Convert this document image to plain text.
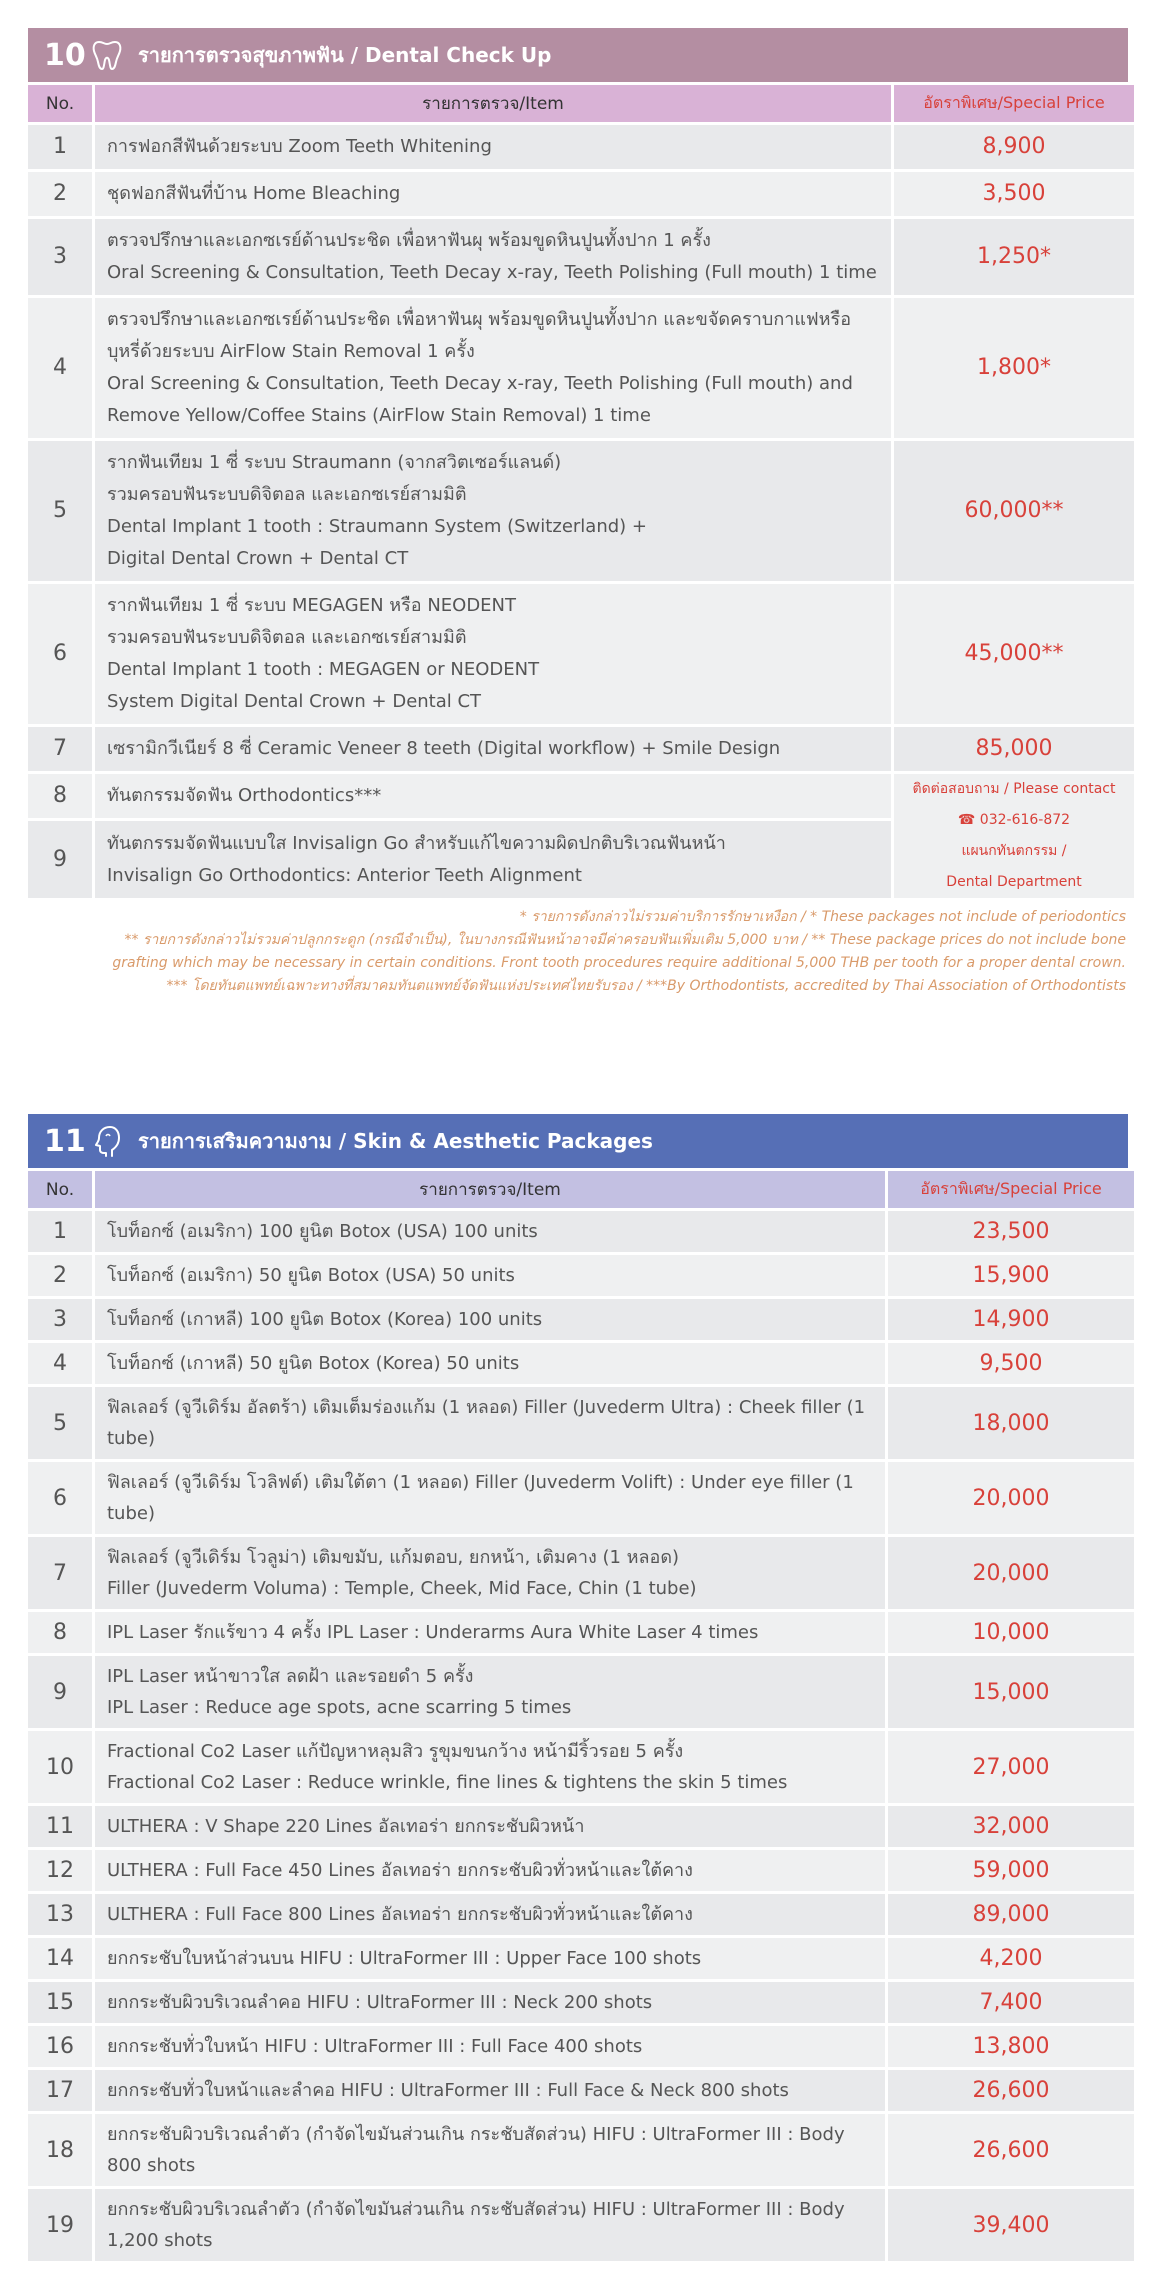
10	รายการตรวจสุขภาพฟัน / Dental Check Up
No.	รายการตรวจ/Item	อัตราพิเศษ/Special Price
1	การฟอกสีฟันด้วยระบบ Zoom Teeth Whitening	8,900
2	ชุดฟอกสีฟันที่บ้าน Home Bleaching	3,500
3	ตรวจปรึกษาและเอกซเรย์ด้านประชิด เพื่อหาฟันผุ พร้อมขูดหินปูนทั้งปาก 1 ครั้ง
Oral Screening & Consultation, Teeth Decay x-ray, Teeth Polishing (Full mouth) 1 time	1,250*
4	ตรวจปรึกษาและเอกซเรย์ด้านประชิด เพื่อหาฟันผุ พร้อมขูดหินปูนทั้งปาก และขจัดคราบกาแฟหรือบุหรี่ด้วยระบบ AirFlow Stain Removal 1 ครั้ง
Oral Screening & Consultation, Teeth Decay x-ray, Teeth Polishing (Full mouth) and Remove Yellow/Coffee Stains (AirFlow Stain Removal) 1 time	1,800*
5	รากฟันเทียม 1 ซี่ ระบบ Straumann (จากสวิตเซอร์แลนด์)
รวมครอบฟันระบบดิจิตอล และเอกซเรย์สามมิติ
Dental Implant 1 tooth : Straumann System (Switzerland) +
Digital Dental Crown + Dental CT	60,000**
6	รากฟันเทียม 1 ซี่ ระบบ MEGAGEN หรือ NEODENT
รวมครอบฟันระบบดิจิตอล และเอกซเรย์สามมิติ
Dental Implant 1 tooth : MEGAGEN or NEODENT
System Digital Dental Crown + Dental CT	45,000**
7	เซรามิกวีเนียร์ 8 ซี่ Ceramic Veneer 8 teeth (Digital workflow) + Smile Design	85,000
8	ทันตกรรมจัดฟัน Orthodontics***	ติดต่อสอบถาม / Please contact
☎ 032-616-872
แผนกทันตกรรม /
Dental Department

9	ทันตกรรมจัดฟันแบบใส Invisalign Go สำหรับแก้ไขความผิดปกติบริเวณฟันหน้า
Invisalign Go Orthodontics: Anterior Teeth Alignment	
* รายการดังกล่าวไม่รวมค่าบริการรักษาเหงือก / * These packages not include of periodontics
** รายการดังกล่าวไม่รวมค่าปลูกกระดูก (กรณีจำเป็น), ในบางกรณีฟันหน้าอาจมีค่าครอบฟันเพิ่มเติม 5,000 บาท / ** These package prices do not include bone
grafting which may be necessary in certain conditions. Front tooth procedures require additional 5,000 THB per tooth for a proper dental crown.
*** โดยทันตแพทย์เฉพาะทางที่สมาคมทันตแพทย์จัดฟันแห่งประเทศไทยรับรอง / ***By Orthodontists, accredited by Thai Association of Orthodontists
11	รายการเสริมความงาม / Skin & Aesthetic Packages
No.	รายการตรวจ/Item	อัตราพิเศษ/Special Price
1	โบท็อกซ์ (อเมริกา) 100 ยูนิต Botox (USA) 100 units	23,500
2	โบท็อกซ์ (อเมริกา) 50 ยูนิต Botox (USA) 50 units	15,900
3	โบท็อกซ์ (เกาหลี) 100 ยูนิต Botox (Korea) 100 units	14,900
4	โบท็อกซ์ (เกาหลี) 50 ยูนิต Botox (Korea) 50 units	9,500
5	ฟิลเลอร์ (จูวีเดิร์ม อัลตร้า) เติมเต็มร่องแก้ม (1 หลอด) Filler (Juvederm Ultra) : Cheek filler (1 tube)	18,000
6	ฟิลเลอร์ (จูวีเดิร์ม โวลิฟต์) เติมใต้ตา (1 หลอด) Filler (Juvederm Volift) : Under eye filler (1 tube)	20,000
7	ฟิลเลอร์ (จูวีเดิร์ม โวลูม่า) เติมขมับ, แก้มตอบ, ยกหน้า, เติมคาง (1 หลอด)
Filler (Juvederm Voluma) : Temple, Cheek, Mid Face, Chin (1 tube)	20,000
8	IPL Laser รักแร้ขาว 4 ครั้ง IPL Laser : Underarms Aura White Laser 4 times	10,000
9	IPL Laser หน้าขาวใส ลดฝ้า และรอยดำ 5 ครั้ง
IPL Laser : Reduce age spots, acne scarring 5 times	15,000
10	Fractional Co2 Laser แก้ปัญหาหลุมสิว รูขุมขนกว้าง หน้ามีริ้วรอย 5 ครั้ง
Fractional Co2 Laser : Reduce wrinkle, fine lines & tightens the skin 5 times	27,000
11	ULTHERA : V Shape 220 Lines อัลเทอร่า ยกกระชับผิวหน้า	32,000
12	ULTHERA : Full Face 450 Lines อัลเทอร่า ยกกระชับผิวทั่วหน้าและใต้คาง	59,000
13	ULTHERA : Full Face 800 Lines อัลเทอร่า ยกกระชับผิวทั่วหน้าและใต้คาง	89,000
14	ยกกระชับใบหน้าส่วนบน HIFU : UltraFormer III : Upper Face 100 shots	4,200
15	ยกกระชับผิวบริเวณลำคอ HIFU : UltraFormer III : Neck 200 shots	7,400
16	ยกกระชับทั่วใบหน้า HIFU : UltraFormer III : Full Face 400 shots	13,800
17	ยกกระชับทั่วใบหน้าและลำคอ HIFU : UltraFormer III : Full Face & Neck 800 shots	26,600
18	ยกกระชับผิวบริเวณลำตัว (กำจัดไขมันส่วนเกิน กระชับสัดส่วน) HIFU : UltraFormer III : Body 800 shots	26,600
19	ยกกระชับผิวบริเวณลำตัว (กำจัดไขมันส่วนเกิน กระชับสัดส่วน) HIFU : UltraFormer III : Body
1,200 shots	39,400
